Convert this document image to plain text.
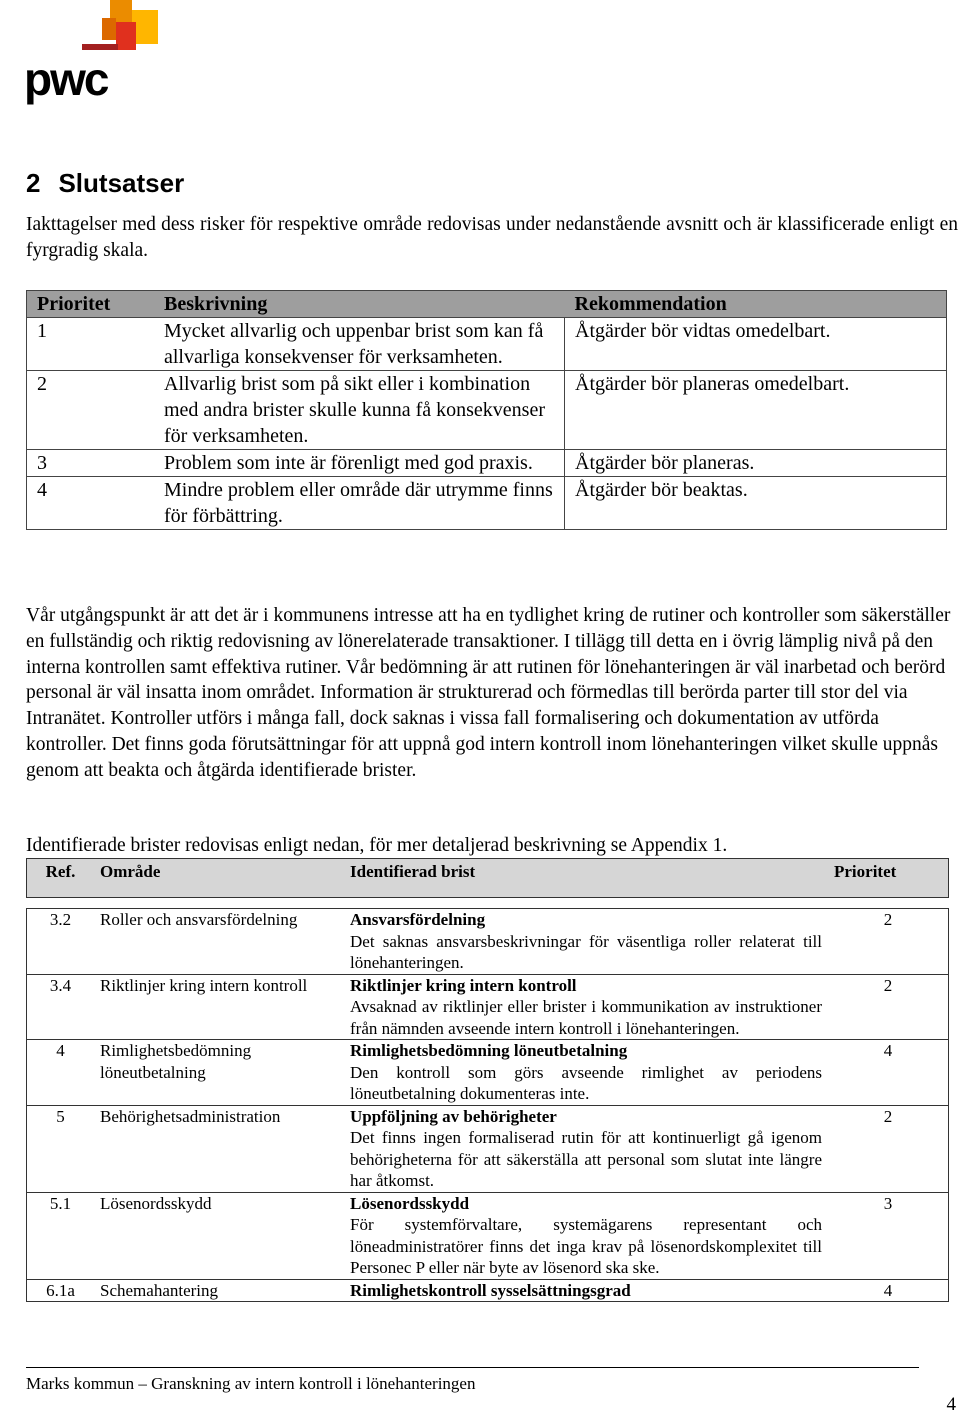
pwc
2 Slutsatser
Iakttagelser med dess risker för respektive område redovisas under nedanstående avsnitt och är klassificerade enligt en fyrgradig skala.
Prioritet	Beskrivning	Rekommendation
1	Mycket allvarlig och uppenbar brist som kan få allvarliga konsekvenser för verksamheten.	Åtgärder bör vidtas omedelbart.
2	Allvarlig brist som på sikt eller i kombination med andra brister skulle kunna få konsekvenser för verksamheten.	Åtgärder bör planeras omedelbart.
3	Problem som inte är förenligt med god praxis.	Åtgärder bör planeras.
4	Mindre problem eller område där utrymme finns för förbättring.	Åtgärder bör beaktas.
Vår utgångspunkt är att det är i kommunens intresse att ha en tydlighet kring de rutiner och kontroller som säkerställer en fullständig och riktig redovisning av lönerelaterade transaktioner. I tillägg till detta en i övrig lämplig nivå på den interna kontrollen samt effektiva rutiner. Vår bedömning är att rutinen för lönehanteringen är väl inarbetad och berörd personal är väl insatta inom området. Information är strukturerad och förmedlas till berörda parter till stor del via Intranätet. Kontroller utförs i många fall, dock saknas i vissa fall formalisering och dokumentation av utförda kontroller. Det finns goda förutsättningar för att uppnå god intern kontroll inom lönehanteringen vilket skulle uppnås genom att beakta och åtgärda identifierade brister.
Identifierade brister redovisas enligt nedan, för mer detaljerad beskrivning se Appendix 1.
Ref.	Område	Identifierad brist	Prioritet

3.2	Roller och ansvarsfördelning	Ansvarsfördelning
Det saknas ansvarsbeskrivningar för väsentliga roller relaterat till lönehanteringen.	2
3.4	Riktlinjer kring intern kontroll	Riktlinjer kring intern kontroll
Avsaknad av riktlinjer eller brister i kommunikation av instruktioner från nämnden avseende intern kontroll i lönehanteringen.	2
4	Rimlighetsbedömning löneutbetalning	Rimlighetsbedömning löneutbetalning
Den kontroll som görs avseende rimlighet av periodens löneutbetalning dokumenteras inte.	4
5	Behörighetsadministration	Uppföljning av behörigheter
Det finns ingen formaliserad rutin för att kontinuerligt gå igenom behörigheterna för att säkerställa att personal som slutat inte längre har åtkomst.	2
5.1	Lösenordsskydd	Lösenordsskydd
För systemförvaltare, systemägarens representant och löneadministratörer finns det inga krav på lösenordskomplexitet till Personec P eller när byte av lösenord ska ske.	3
6.1a	Schemahantering	Rimlighetskontroll sysselsättningsgrad	4
Marks kommun – Granskning av intern kontroll i lönehanteringen
4
